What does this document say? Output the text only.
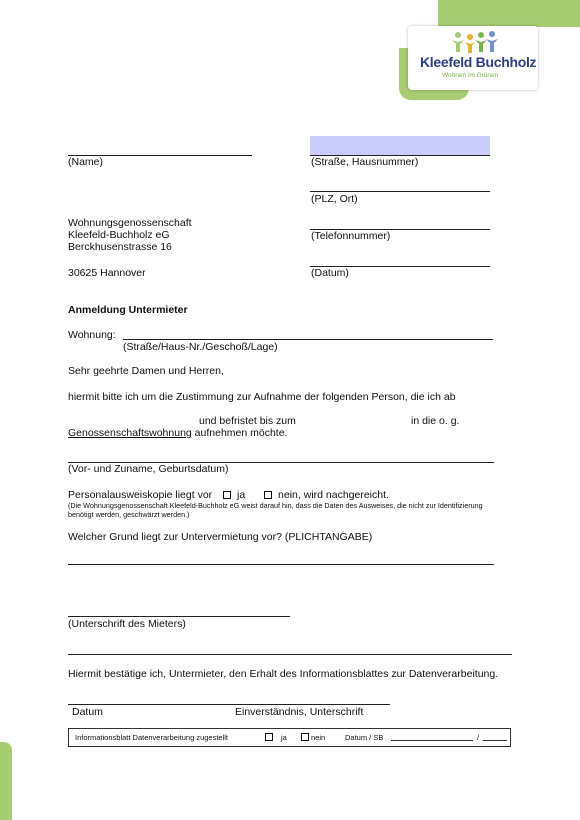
Kleefeld Buchholz
Wohnen im Grünen
(Name)	(Straße, Hausnummer)
(PLZ, Ort)
(Telefonnummer)
(Datum)
Wohnungsgenossenschaft
Kleefeld-Buchholz eG
Berckhusenstrasse 16
30625 Hannover
Anmeldung Untermieter
Wohnung:
(Straße/Haus-Nr./Geschoß/Lage)
Sehr geehrte Damen und Herren,
hiermit bitte ich um die Zustimmung zur Aufnahme der folgenden Person, die ich ab
und befristet bis zum	in die o. g.
Genossenschaftswohnung aufnehmen möchte.
(Vor- und Zuname, Geburtsdatum)
Personalausweiskopie liegt vor ja	nein, wird nachgereicht.
(Die Wohnungsgenossenschaft Kleefeld-Buchholz eG weist darauf hin, dass die Daten des Ausweises, die nicht zur Identifizierung benötigt werden, geschwärzt werden.)
Welcher Grund liegt zur Untervermietung vor? (PLICHTANGABE)
(Unterschrift des Mieters)
Hiermit bestätige ich, Untermieter, den Erhalt des Informationsblattes zur Datenverarbeitung.
Datum	Einverständnis, Unterschrift
Informationsblatt Datenverarbeitung zugestellt	ja	nein	Datum / SB	/
